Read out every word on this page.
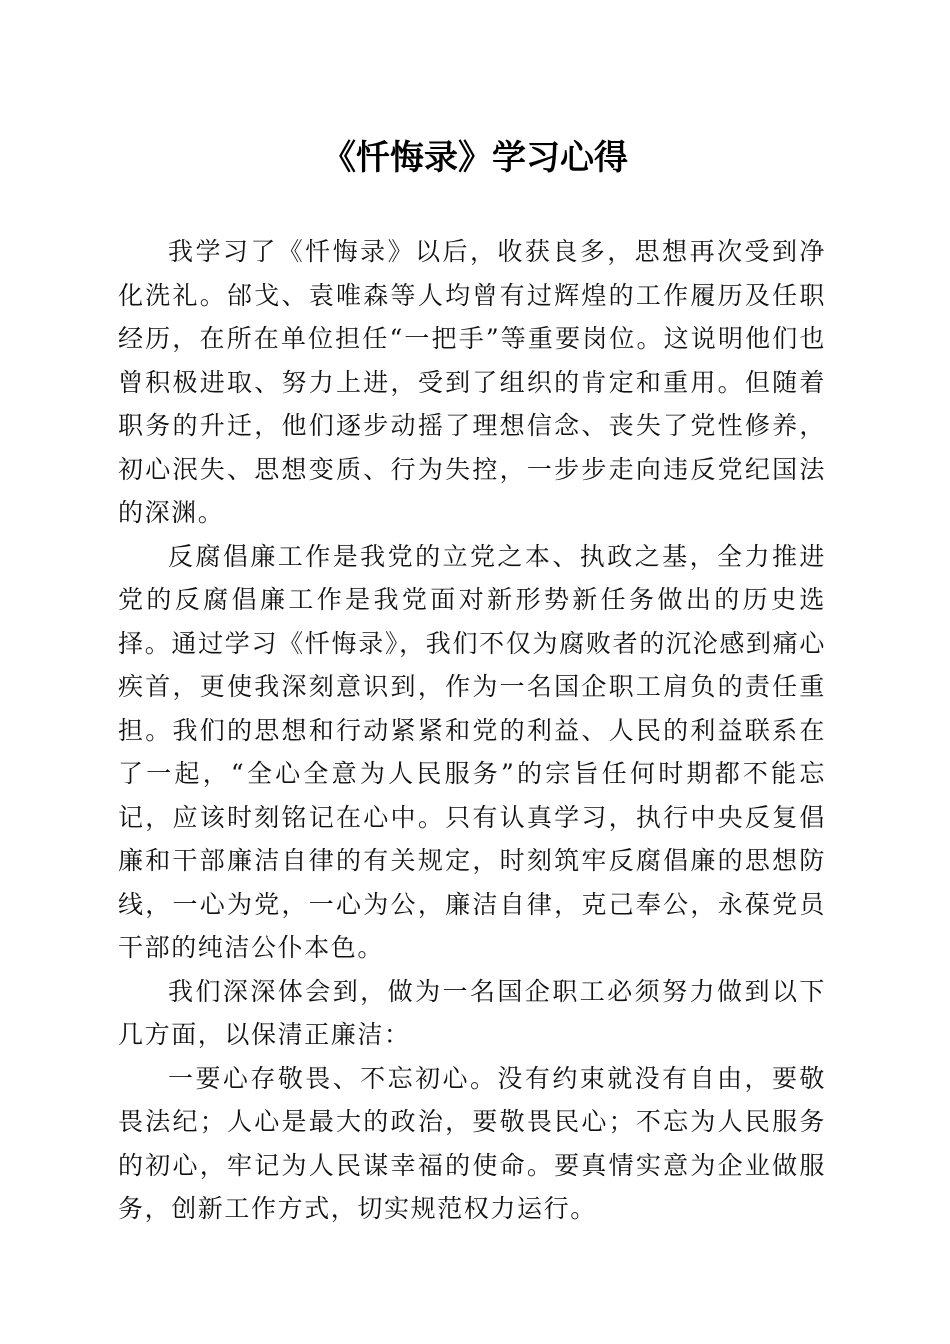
《忏悔录》学习心得

我学习了《忏悔录》以后，收获良多，思想再次受到净化洗礼。邰戈、袁唯森等人均曾有过辉煌的工作履历及任职经历，在所在单位担任“一把手”等重要岗位。这说明他们也曾积极进取、努力上进，受到了组织的肯定和重用。但随着职务的升迁，他们逐步动摇了理想信念、丧失了党性修养，初心泯失、思想变质、行为失控，一步步走向违反党纪国法的深渊。

反腐倡廉工作是我党的立党之本、执政之基，全力推进党的反腐倡廉工作是我党面对新形势新任务做出的历史选择。通过学习《忏悔录》，我们不仅为腐败者的沉沦感到痛心疾首，更使我深刻意识到，作为一名国企职工肩负的责任重担。我们的思想和行动紧紧和党的利益、人民的利益联系在了一起，“全心全意为人民服务”的宗旨任何时期都不能忘记，应该时刻铭记在心中。只有认真学习，执行中央反复倡廉和干部廉洁自律的有关规定，时刻筑牢反腐倡廉的思想防线，一心为党，一心为公，廉洁自律，克己奉公，永葆党员干部的纯洁公仆本色。

我们深深体会到，做为一名国企职工必须努力做到以下几方面，以保清正廉洁：

一要心存敬畏、不忘初心。没有约束就没有自由，要敬畏法纪；人心是最大的政治，要敬畏民心；不忘为人民服务的初心，牢记为人民谋幸福的使命。要真情实意为企业做服务，创新工作方式，切实规范权力运行。
